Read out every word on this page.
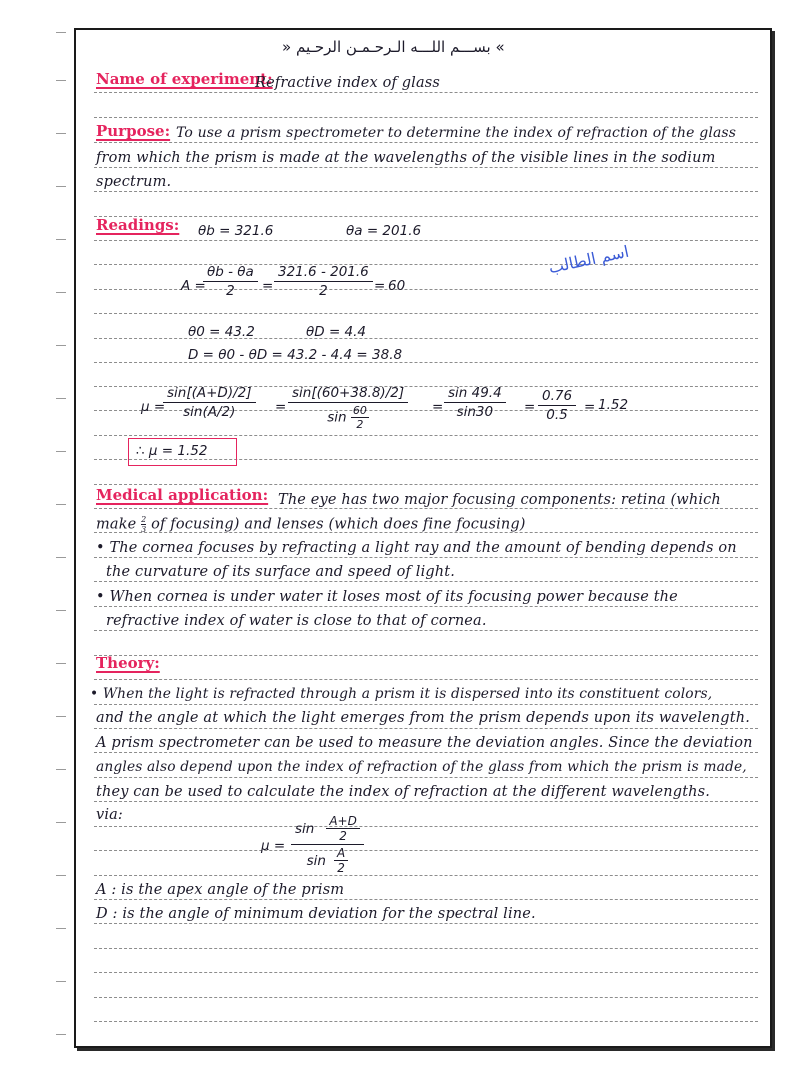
» بســـم اللـــه الـرحـمـن الرحـيم «
Name of experiment:
Refractive index of glass
Purpose: To use a prism spectrometer to determine the index of refraction of the glass
from which the prism is made at the wavelengths of the visible lines in the sodium
spectrum.
Readings: θb = 321.6	θa = 201.6
اسم الطالب
A =
$\frac{\theta b - \theta a}{2} = \frac{321.6 - 201.6}{2} = 60$
θ0 = 43.2	θD = 4.4
D = θ0 - θD = 43.2 - 4.4 = 38.8
μ =
$\frac{\sin[(A+D)/2]}{\sin(A/2)} = \frac{\sin[(60+38.8)/2]}{\sin \frac{60}{2}} = \frac{\sin 49.4}{\sin 30} = \frac{0.76}{0.5} = 1.52$
∴ μ = 1.52
Medical application: The eye has two major focusing components: retina (which
make $\frac{2}{3}$ of focusing) and lenses (which does fine focusing)
• The cornea focuses by refracting a light ray and the amount of bending depends on
the curvature of its surface and speed of light.
• When cornea is under water it loses most of its focusing power because the
refractive index of water is close to that of cornea.
Theory:
• When the light is refracted through a prism it is dispersed into its constituent colors,
and the angle at which the light emerges from the prism depends upon its wavelength.
A prism spectrometer can be used to measure the deviation angles. Since the deviation
angles also depend upon the index of refraction of the glass from which the prism is made,
they can be used to calculate the index of refraction at the different wavelengths.
via:
μ = sin A+D
2
sin A
2
A : is the apex angle of the prism
D : is the angle of minimum deviation for the spectral line.
